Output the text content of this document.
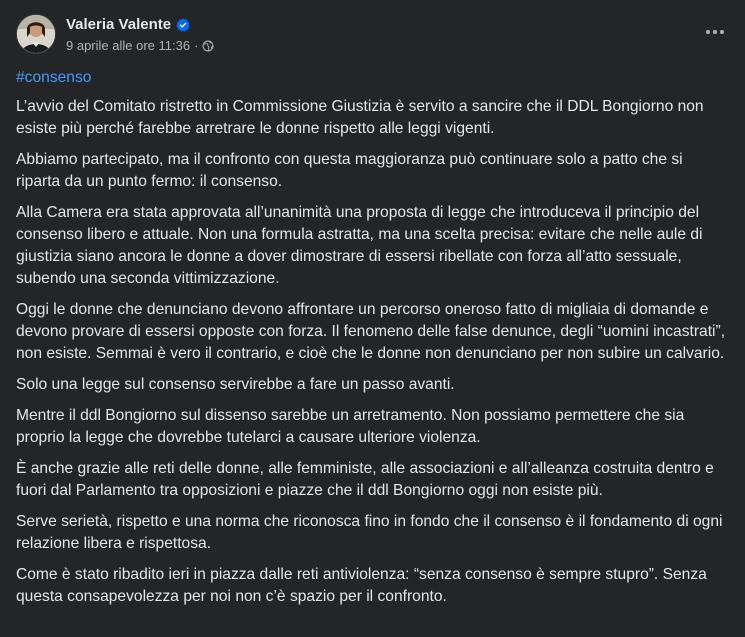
Valeria Valente
9 aprile alle ore 11:36 ·
#consenso

L’avvio del Comitato ristretto in Commissione Giustizia è servito a sancire che il DDL Bongiorno non esiste più perché farebbe arretrare le donne rispetto alle leggi vigenti.

Abbiamo partecipato, ma il confronto con questa maggioranza può continuare solo a patto che si riparta da un punto fermo: il consenso.

Alla Camera era stata approvata all’unanimità una proposta di legge che introduceva il principio del consenso libero e attuale. Non una formula astratta, ma una scelta precisa: evitare che nelle aule di giustizia siano ancora le donne a dover dimostrare di essersi ribellate con forza all’atto sessuale, subendo una seconda vittimizzazione.

Oggi le donne che denunciano devono affrontare un percorso oneroso fatto di migliaia di domande e devono provare di essersi opposte con forza. Il fenomeno delle false denunce, degli “uomini incastrati”, non esiste. Semmai è vero il contrario, e cioè che le donne non denunciano per non subire un calvario.

Solo una legge sul consenso servirebbe a fare un passo avanti.

Mentre il ddl Bongiorno sul dissenso sarebbe un arretramento. Non possiamo permettere che sia proprio la legge che dovrebbe tutelarci a causare ulteriore violenza.

È anche grazie alle reti delle donne, alle femministe, alle associazioni e all’alleanza costruita dentro e fuori dal Parlamento tra opposizioni e piazze che il ddl Bongiorno oggi non esiste più.

Serve serietà, rispetto e una norma che riconosca fino in fondo che il consenso è il fondamento di ogni relazione libera e rispettosa.

Come è stato ribadito ieri in piazza dalle reti antiviolenza: “senza consenso è sempre stupro”. Senza questa consapevolezza per noi non c’è spazio per il confronto.
